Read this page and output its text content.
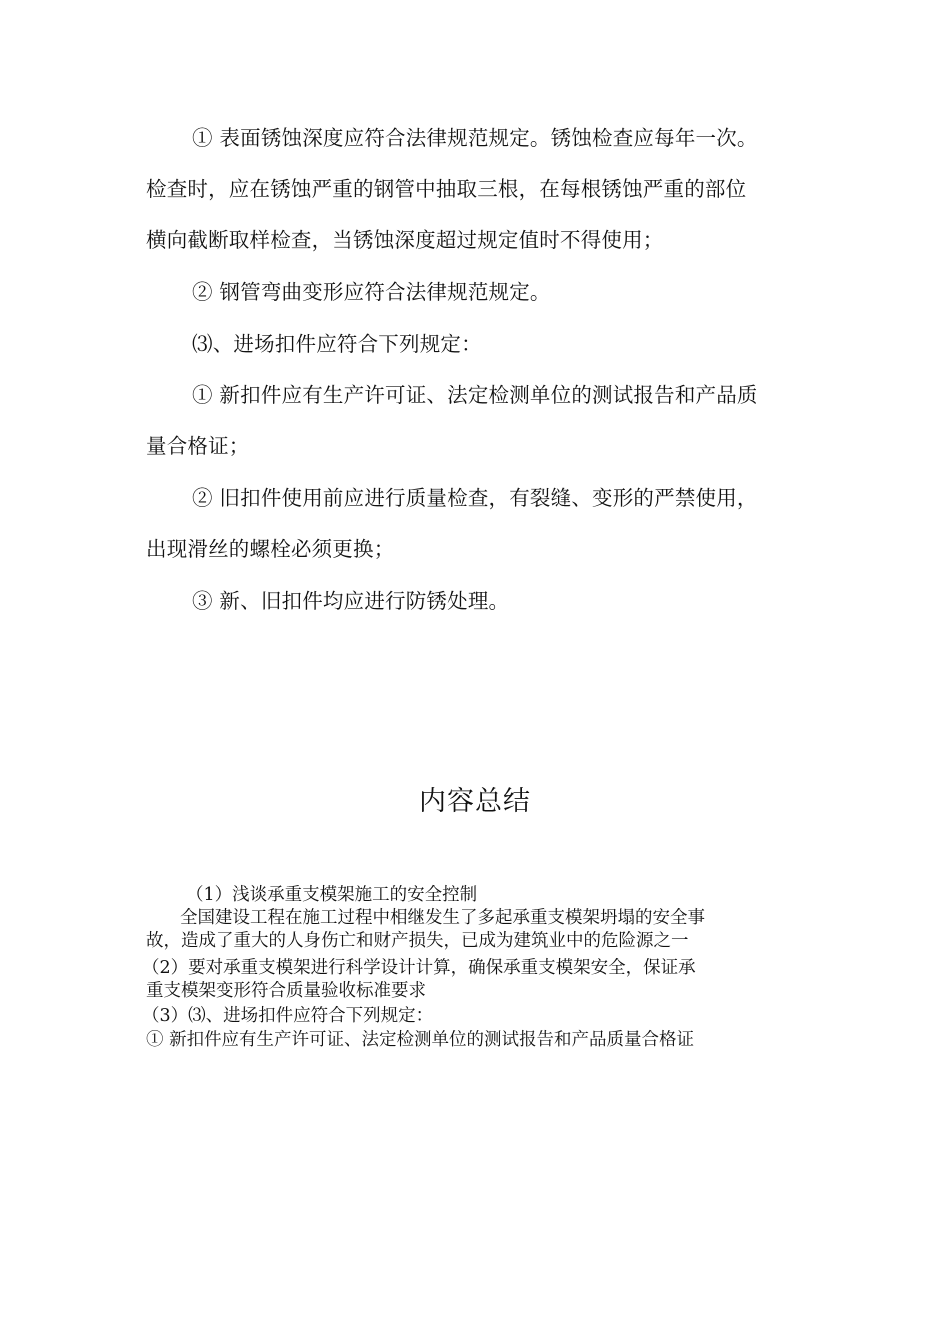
① 表面锈蚀深度应符合法律规范规定。锈蚀检查应每年一次。
检查时，应在锈蚀严重的钢管中抽取三根，在每根锈蚀严重的部位
横向截断取样检查，当锈蚀深度超过规定值时不得使用；
② 钢管弯曲变形应符合法律规范规定。
⑶、进场扣件应符合下列规定：
① 新扣件应有生产许可证、法定检测单位的测试报告和产品质
量合格证；
② 旧扣件使用前应进行质量检查，有裂缝、变形的严禁使用，
出现滑丝的螺栓必须更换；
③ 新、旧扣件均应进行防锈处理。
内容总结
（1）浅谈承重支模架施工的安全控制
全国建设工程在施工过程中相继发生了多起承重支模架坍塌的安全事
故，造成了重大的人身伤亡和财产损失，已成为建筑业中的危险源之一
（2）要对承重支模架进行科学设计计算，确保承重支模架安全，保证承
重支模架变形符合质量验收标准要求
（3）⑶、进场扣件应符合下列规定：
① 新扣件应有生产许可证、法定检测单位的测试报告和产品质量合格证
